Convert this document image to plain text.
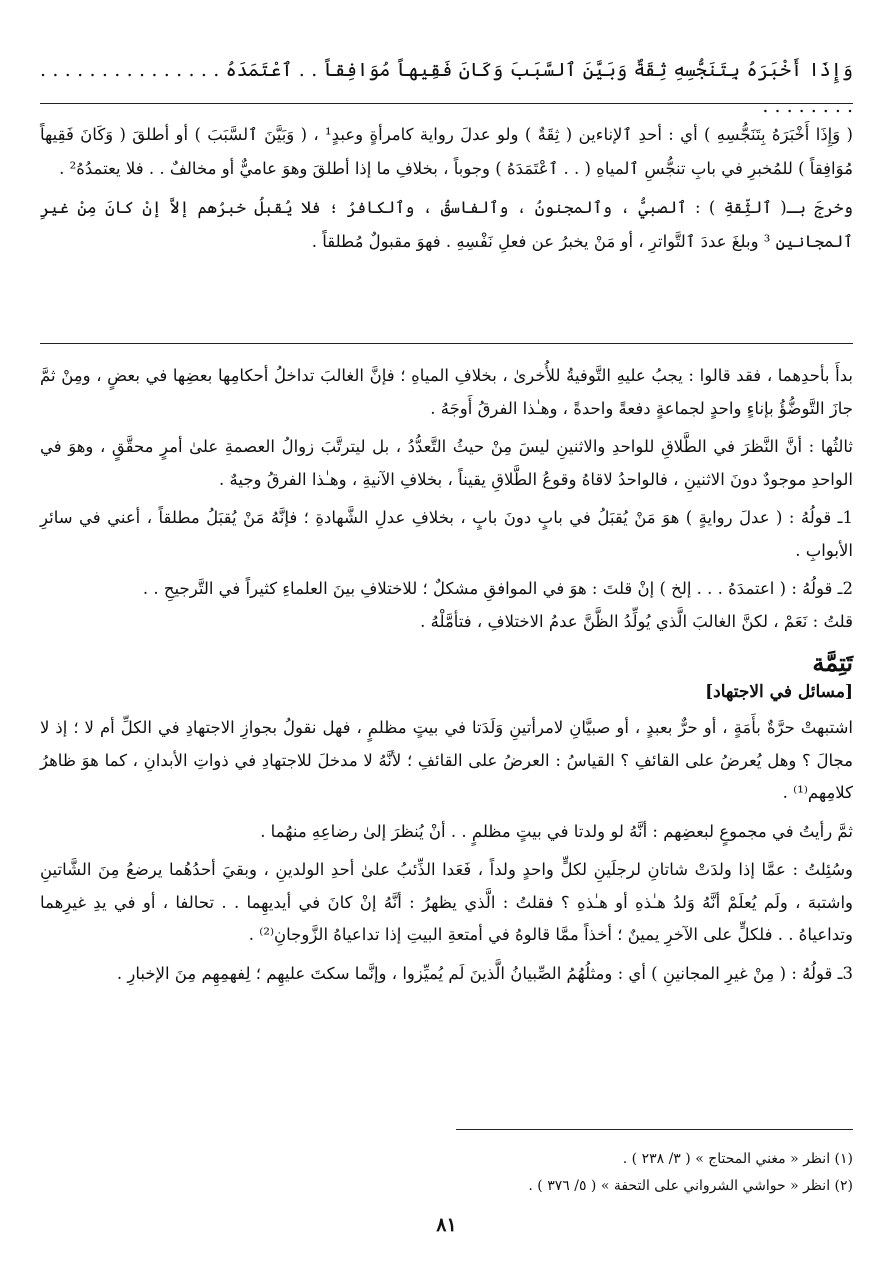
وَإِذَا أَخْبَرَهُ بِتَنَجُّسِهِ ثِقَةٌ وَبَيَّنَ ٱلسَّبَبَ وَكَانَ فَقِيهاً مُوَافِقاً . . ٱعْتَمَدَهُ . . . . . . . . . . . . . . . . . . . . . . .

( وَإِذَا أَخْبَرَهُ بِتَنَجُّسِهِ ) أي : أحدِ ٱلإناءين ( ثِقَةٌ ) ولو عدلَ رواية كامرأةٍ وعبدٍ¹ ، ( وَبَيَّنَ ٱلسَّبَبَ ) أو أطلقَ ( وَكَانَ فَقِيهاً مُوَافِقاً ) للمُخبرِ في بابِ تنجُّسِ ٱلمياهِ ( . . ٱعْتَمَدَهُ ) وجوباً ، بخلافِ ما إذا أطلقَ وهوَ عاميٌّ أو مخالفٌ . . فلا يعتمدُهُ² .

وخرجَ بـ( ٱلثِّقةِ ) : ٱلصبيُّ ، وٱلمجنونُ ، وٱلفاسقُ ، وٱلكافرُ ؛ فلا يُقبلُ خبرُهم إلاَّ إنْ كانَ مِنْ غيرِ ٱلمجانينِ ³ وبلغَ عددَ ٱلتَّواترِ ، أو مَنْ يخبرُ عن فعلِ نَفْسِهِ . فهوَ مقبولٌ مُطلقاً .

بدأَ بأحدِهما ، فقد قالوا : يجبُ عليهِ التَّوفيةُ للأُخرىٰ ، بخلافِ المياهِ ؛ فإنَّ الغالبَ تداخلُ أحكامِها بعضِها في بعضٍ ، ومِنْ ثمَّ جازَ التَّوضُّؤُ بإناءٍ واحدٍ لجماعةٍ دفعةً واحدةً ، وهـٰذا الفرقُ أَوجَهُ .

ثالثُها : أنَّ النَّظرَ في الطَّلاقِ للواحدِ والاثنينِ ليسَ مِنْ حيثُ التَّعدُّدُ ، بل ليترتَّبَ زوالُ العصمةِ علىٰ أمرٍ محقَّقٍ ، وهوَ في الواحدِ موجودٌ دونَ الاثنينِ ، فالواحدُ لاقاهُ وقوعُ الطَّلاقِ يقيناً ، بخلافِ الآنيةِ ، وهـٰذا الفرقُ وجيهٌ .

1ـ قولُهُ : ( عدلَ روايةٍ ) هوَ مَنْ يُقبَلُ في بابٍ دونَ بابٍ ، بخلافِ عدلِ الشَّهادةِ ؛ فإنَّهُ مَنْ يُقبَلُ مطلقاً ، أعني في سائرِ الأبوابِ .

2ـ قولُهُ : ( اعتمدَهُ . . . إلخ ) إنْ قلتَ : هوَ في الموافقِ مشكلٌ ؛ للاختلافِ بينَ العلماءِ كثيراً في التَّرجيحِ . .

قلتُ : نَعَمْ ، لكنَّ الغالبَ الَّذي يُولِّدُ الظَّنَّ عدمُ الاختلافِ ، فتأمَّلْهُ .

تَتِمَّة
[مسائل في الاجتهاد]

اشتبهتْ حرَّةٌ بأَمَةٍ ، أو حرٌّ بعبدٍ ، أو صبيَّانِ لامرأتينِ وَلَدَتا في بيتٍ مظلمٍ ، فهل نقولُ بجوازِ الاجتهادِ في الكلِّ أم لا ؛ إذ لا مجالَ ؟ وهل يُعرضُ على القائفِ ؟ القياسُ : العرضُ على القائفِ ؛ لأنَّهُ لا مدخلَ للاجتهادِ في ذواتِ الأبدانِ ، كما هوَ ظاهرُ كلامِهم⁽¹⁾ .

ثمَّ رأيتُ في مجموعٍ لبعضِهم : أنَّهُ لو ولدتا في بيتٍ مظلمٍ . . أنْ يُنظرَ إلىٰ رضاعِهِ منهُما .

وسُئِلتُ : عمَّا إذا ولدَتْ شاتانِ لرجلَينِ لكلٍّ واحدٍ ولداً ، فَعَدا الذِّئبُ علىٰ أحدِ الولدينِ ، وبقيَ أحدُهُما يرضعُ مِنَ الشَّاتينِ واشتبهَ ، ولَم يُعلَمْ أنَّهُ وَلدُ هـٰذهِ أو هـٰذهِ ؟ فقلتُ : الَّذي يظهرُ : أنَّهُ إنْ كانَ في أيديهِما . . تحالفا ، أو في يدِ غيرِهما وتداعياهُ . . فلكلٍّ على الآخرِ يمينٌ ؛ أخذاً ممَّا قالوهُ في أمتعةِ البيتِ إذا تداعياهُ الزَّوجانِ⁽²⁾ .

3ـ قولُهُ : ( مِنْ غيرِ المجانينِ ) أي : ومثلُهُمُ الصِّبيانُ الَّذينَ لَم يُميِّزوا ، وإنَّما سكتَ عليهِم ؛ لِفهمِهِم مِنَ الإخبارِ .

(١) انظر « مغني المحتاج » ( ٣/ ٢٣٨ ) .

(٢) انظر « حواشي الشرواني على التحفة » ( ٥/ ٣٧٦ ) .

٨١
